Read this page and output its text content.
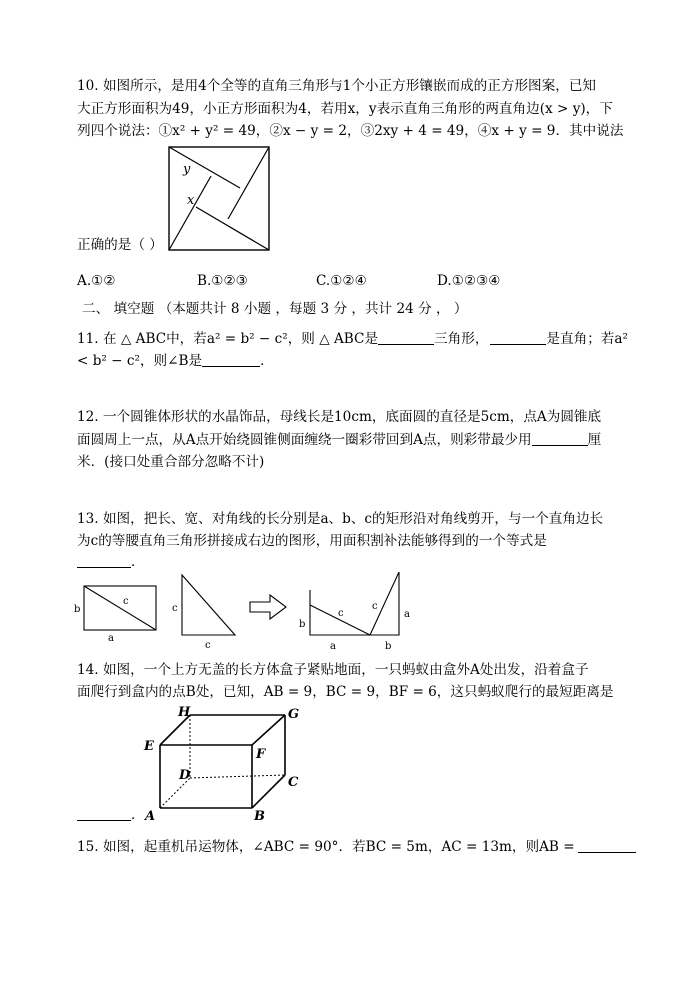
10. 如图所示，是用4个全等的直角三角形与1个小正方形镶嵌而成的正方形图案，已知
大正方形面积为49，小正方形面积为4，若用x，y表示直角三角形的两直角边(x > y)，下
列四个说法：①x² + y² = 49，②x − y = 2，③2xy + 4 = 49，④x + y = 9．其中说法
y
x
正确的是（ ）
A.①②	B.①②③	C.①②④	D.①②③④
二、 填空题 （本题共计 8 小题 ，每题 3 分 ，共计 24 分 ， ）
11. 在 △ ABC中，若a² = b² − c²，则 △ ABC是	三角形，	是直角；若a²
< b² − c²，则∠B是	．
12. 一个圆锥体形状的水晶饰品，母线长是10cm，底面圆的直径是5cm，点A为圆锥底
面圆周上一点，从A点开始绕圆锥侧面缠绕一圈彩带回到A点，则彩带最少用	厘
米．(接口处重合部分忽略不计)
13. 如图，把长、宽、对角线的长分别是a、b、c的矩形沿对角线剪开，与一个直角边长
为c的等腰直角三角形拼接成右边的图形，用面积割补法能够得到的一个等式是
．
b
c
a
c
c
b
c
c
a
a	b
14. 如图，一个上方无盖的长方体盒子紧贴地面，一只蚂蚁由盒外A处出发，沿着盒子
面爬行到盒内的点B处，已知，AB = 9，BC = 9，BF = 6，这只蚂蚁爬行的最短距离是
H	G
E
F
D	C
A	B
．
15. 如图，起重机吊运物体，∠ABC = 90°．若BC = 5m，AC = 13m，则AB =
